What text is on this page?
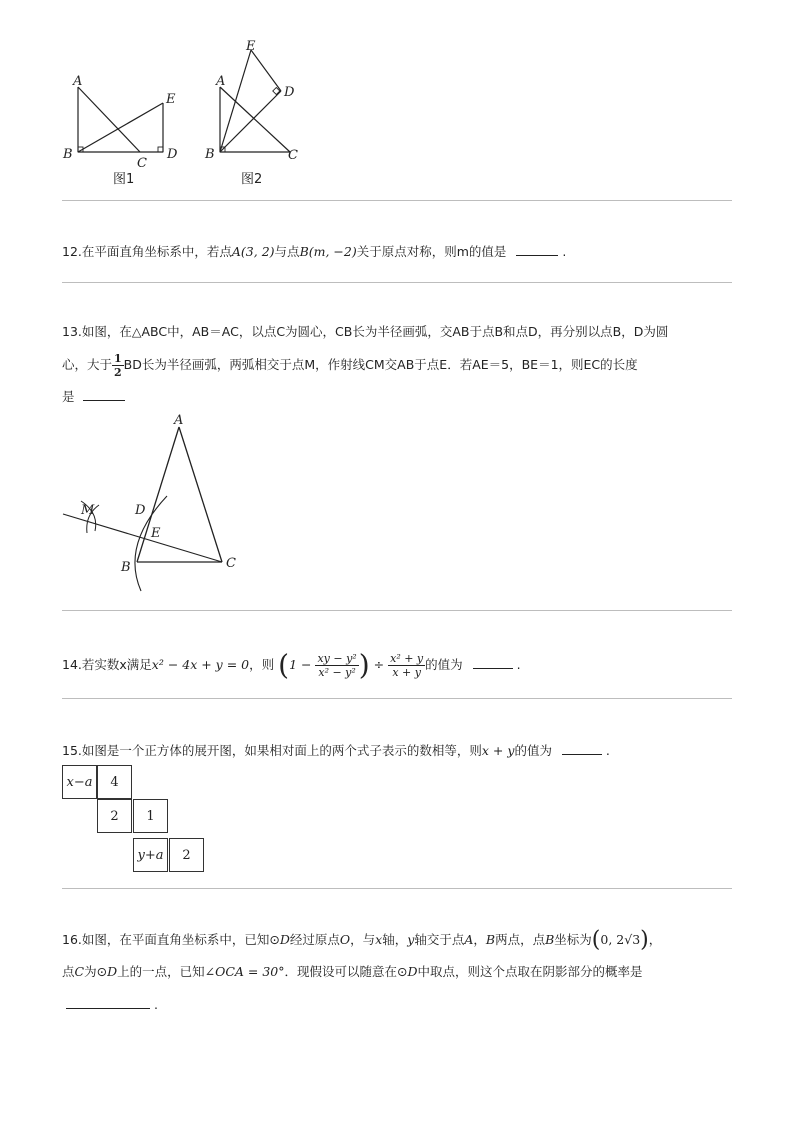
A
B
C
D
E
图1
A
B	C
D
E
图2
12.在平面直角坐标系中，若点A(3, 2)与点B(m, −2)关于原点对称，则m的值是	.
13.如图，在△ABC中，AB＝AC，以点C为圆心，CB长为半径画弧，交AB于点B和点D，再分别以点B，D为圆
心，大于 $\frac{1}{2}$ BD长为半径画弧，两弧相交于点M，作射线CM交AB于点E．若AE＝5，BE＝1，则EC的长度
是
A
B	C
D
E
M
14.若实数x满足x² − 4x + y = 0，则 ($1 - \frac{\text{xy − y²}}{\text{x² − y²}}$ ) ÷ $\frac{\text{x² + y}}{x + y}$ 的值为	.
15.如图是一个正方体的展开图，如果相对面上的两个式子表示的数相等，则x + y的值为	.
x−a 4
2 1
y+a 2
16.如图，在平面直角坐标系中，已知⊙D经过原点O，与x轴，y轴交于点A，B两点，点B坐标为(0, 2√3)，
点C为⊙D上的一点，已知∠OCA = 30°．现假设可以随意在⊙D中取点，则这个点取在阴影部分的概率是
.
